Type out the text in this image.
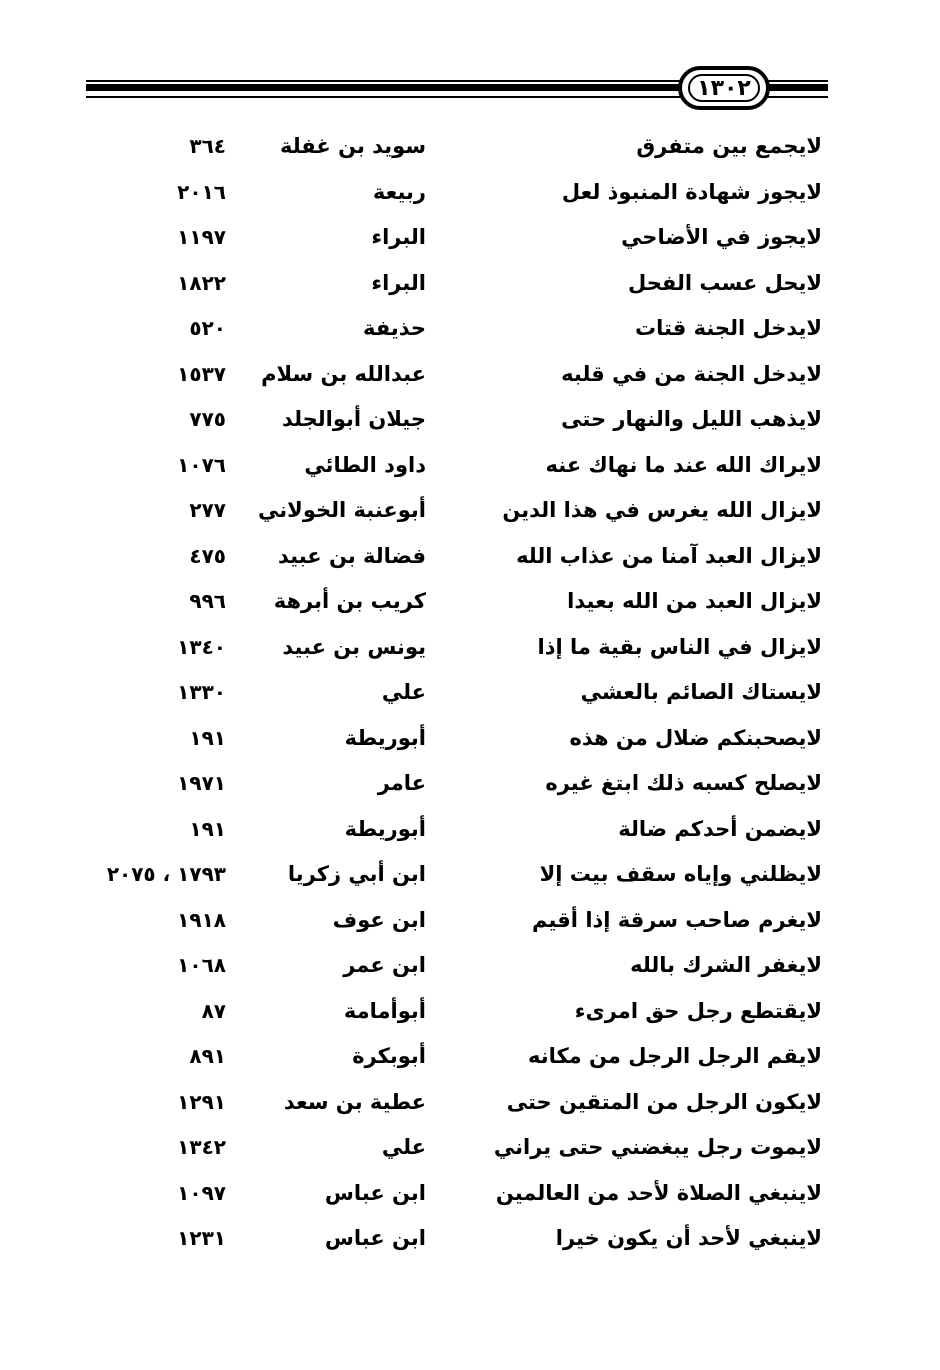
١٣٠٢
لايجمع بين متفرق
سويد بن غفلة
٣٦٤
لايجوز شهادة المنبوذ لعل
ربيعة
٢٠١٦
لايجوز في الأضاحي
البراء
١١٩٧
لايحل عسب الفحل
البراء
١٨٢٢
لايدخل الجنة قتات
حذيفة
٥٢٠
لايدخل الجنة من في قلبه
عبدالله بن سلام
١٥٣٧
لايذهب الليل والنهار حتى
جيلان أبوالجلد
٧٧٥
لايراك الله عند ما نهاك عنه
داود الطائي
١٠٧٦
لايزال الله يغرس في هذا الدين
أبوعنبة الخولاني
٢٧٧
لايزال العبد آمنا من عذاب الله
فضالة بن عبيد
٤٧٥
لايزال العبد من الله بعيدا
كريب بن أبرهة
٩٩٦
لايزال في الناس بقية ما إذا
يونس بن عبيد
١٣٤٠
لايستاك الصائم بالعشي
علي
١٣٣٠
لايصحبنكم ضلال من هذه
أبوريطة
١٩١
لايصلح كسبه ذلك ابتغ غيره
عامر
١٩٧١
لايضمن أحدكم ضالة
أبوريطة
١٩١
لايظلني وإياه سقف بيت إلا
ابن أبي زكريا
١٧٩٣ ، ٢٠٧٥
لايغرم صاحب سرقة إذا أقيم
ابن عوف
١٩١٨
لايغفر الشرك بالله
ابن عمر
١٠٦٨
لايقتطع رجل حق امرىء
أبوأمامة
٨٧
لايقم الرجل الرجل من مكانه
أبوبكرة
٨٩١
لايكون الرجل من المتقين حتى
عطية بن سعد
١٢٩١
لايموت رجل يبغضني حتى يراني
علي
١٣٤٢
لاينبغي الصلاة لأحد من العالمين
ابن عباس
١٠٩٧
لاينبغي لأحد أن يكون خيرا
ابن عباس
١٢٣١
